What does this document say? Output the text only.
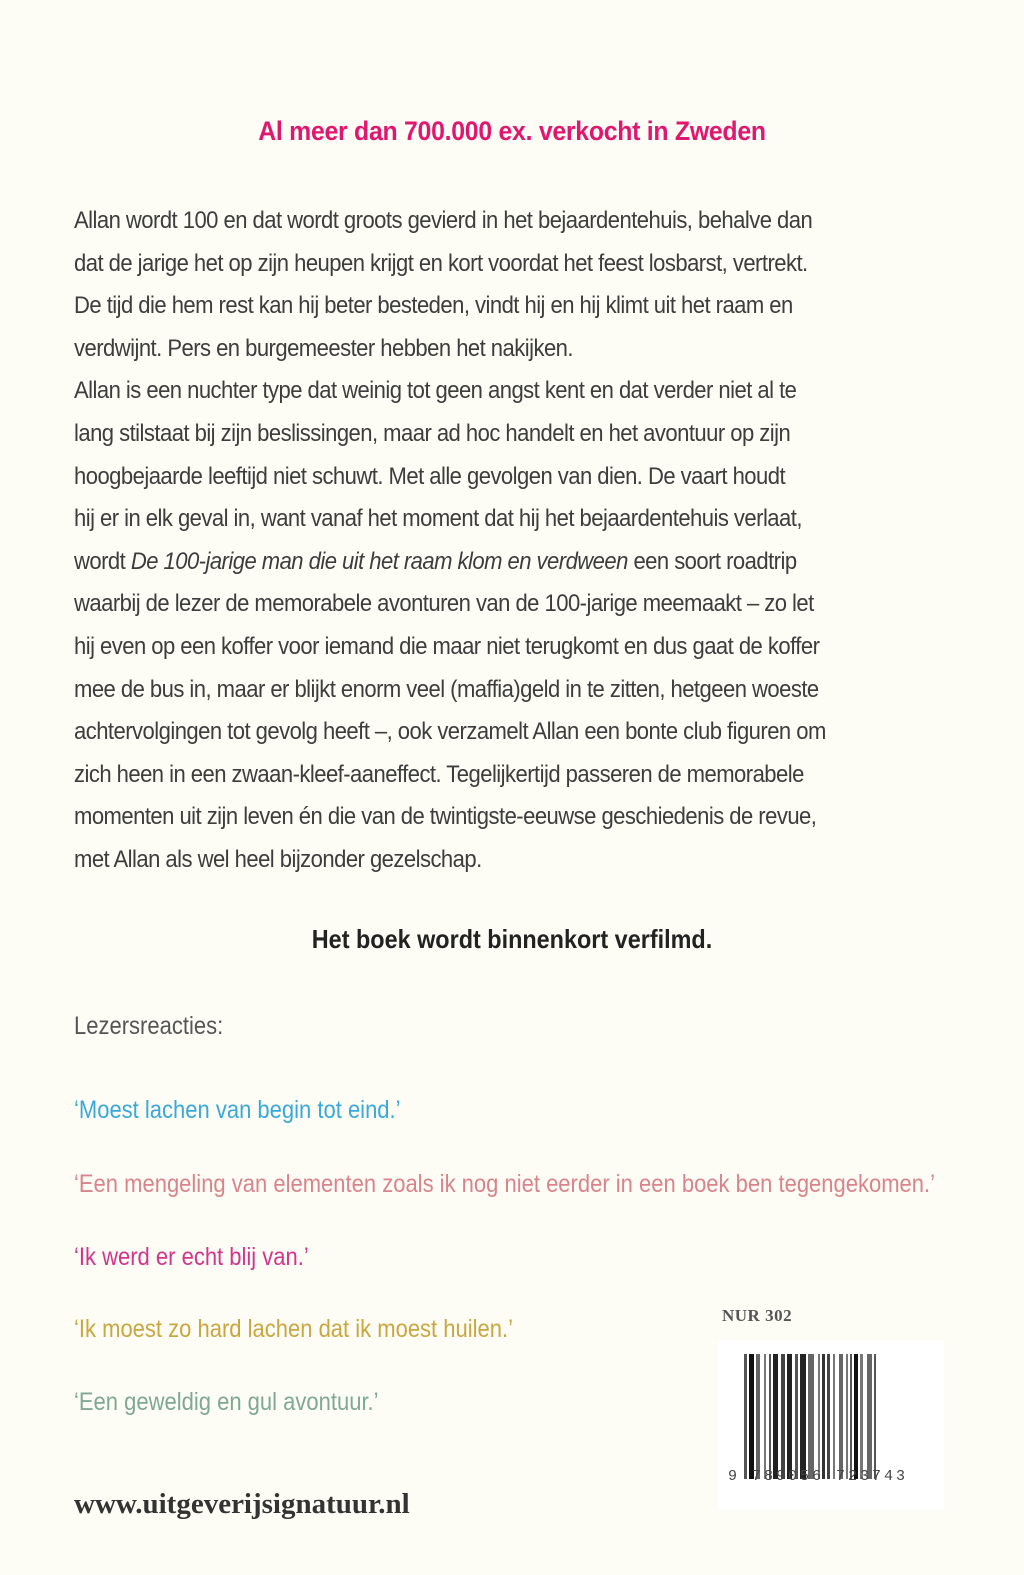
Al meer dan 700.000 ex. verkocht in Zweden
Allan wordt 100 en dat wordt groots gevierd in het bejaardentehuis, behalve dan
dat de jarige het op zijn heupen krijgt en kort voordat het feest losbarst, vertrekt.
De tijd die hem rest kan hij beter besteden, vindt hij en hij klimt uit het raam en
verdwijnt. Pers en burgemeester hebben het nakijken.
Allan is een nuchter type dat weinig tot geen angst kent en dat verder niet al te
lang stilstaat bij zijn beslissingen, maar ad hoc handelt en het avontuur op zijn
hoogbejaarde leeftijd niet schuwt. Met alle gevolgen van dien. De vaart houdt
hij er in elk geval in, want vanaf het moment dat hij het bejaardentehuis verlaat,
wordt De 100-jarige man die uit het raam klom en verdween een soort roadtrip
waarbij de lezer de memorabele avonturen van de 100-jarige meemaakt – zo let
hij even op een koffer voor iemand die maar niet terugkomt en dus gaat de koffer
mee de bus in, maar er blijkt enorm veel (maffia)geld in te zitten, hetgeen woeste
achtervolgingen tot gevolg heeft –, ook verzamelt Allan een bonte club figuren om
zich heen in een zwaan-kleef-aaneffect. Tegelijkertijd passeren de memorabele
momenten uit zijn leven én die van de twintigste-eeuwse geschiedenis de revue,
met Allan als wel heel bijzonder gezelschap.
Het boek wordt binnenkort verfilmd.
Lezersreacties:
‘Moest lachen van begin tot eind.’
‘Een mengeling van elementen zoals ik nog niet eerder in een boek ben tegengekomen.’
‘Ik werd er echt blij van.’
‘Ik moest zo hard lachen dat ik moest huilen.’
‘Een geweldig en gul avontuur.’
www.uitgeverijsignatuur.nl
NUR 302
9 789056 723743
